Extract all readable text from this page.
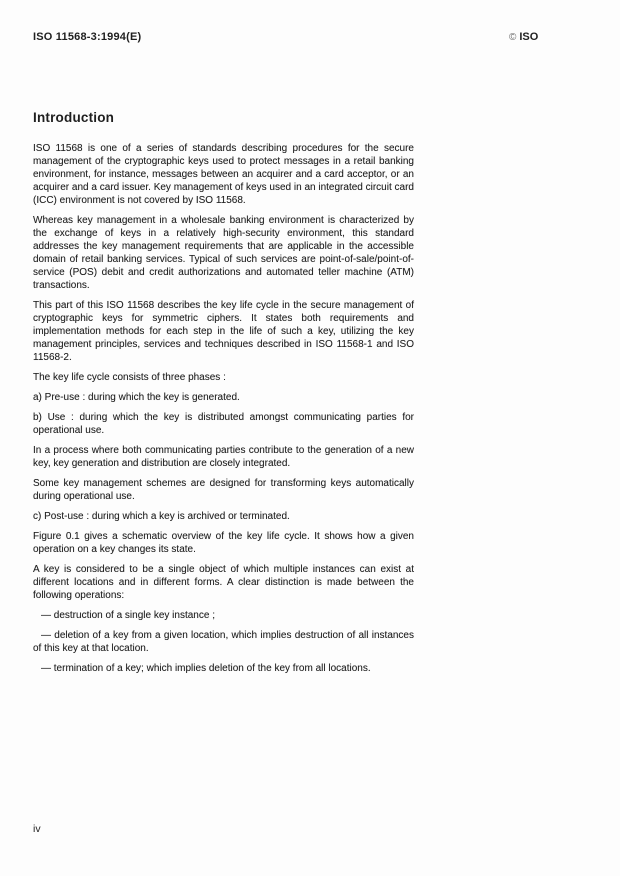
ISO 11568-3:1994(E)	© ISO
Introduction

ISO 11568 is one of a series of standards describing procedures for the secure management of the cryptographic keys used to protect messages in a retail banking environment, for instance, messages between an acquirer and a card acceptor, or an acquirer and a card issuer. Key management of keys used in an integrated circuit card (ICC) environment is not covered by ISO 11568.

Whereas key management in a wholesale banking environment is characterized by the exchange of keys in a relatively high-security environment, this standard addresses the key management requirements that are applicable in the accessible domain of retail banking services. Typical of such services are point-of-sale/point-of-service (POS) debit and credit authorizations and automated teller machine (ATM) transactions.

This part of this ISO 11568 describes the key life cycle in the secure management of cryptographic keys for symmetric ciphers. It states both requirements and implementation methods for each step in the life of such a key, utilizing the key management principles, services and techniques described in ISO 11568-1 and ISO 11568-2.

The key life cycle consists of three phases :

a) Pre-use : during which the key is generated.

b) Use : during which the key is distributed amongst communicating parties for operational use.

In a process where both communicating parties contribute to the generation of a new key, key generation and distribution are closely integrated.

Some key management schemes are designed for transforming keys automatically during operational use.

c) Post-use : during which a key is archived or terminated.

Figure 0.1 gives a schematic overview of the key life cycle. It shows how a given operation on a key changes its state.

A key is considered to be a single object of which multiple instances can exist at different locations and in different forms. A clear distinction is made between the following operations:

— destruction of a single key instance ;

— deletion of a key from a given location, which implies destruction of all instances of this key at that location.

— termination of a key; which implies deletion of the key from all locations.

iv
